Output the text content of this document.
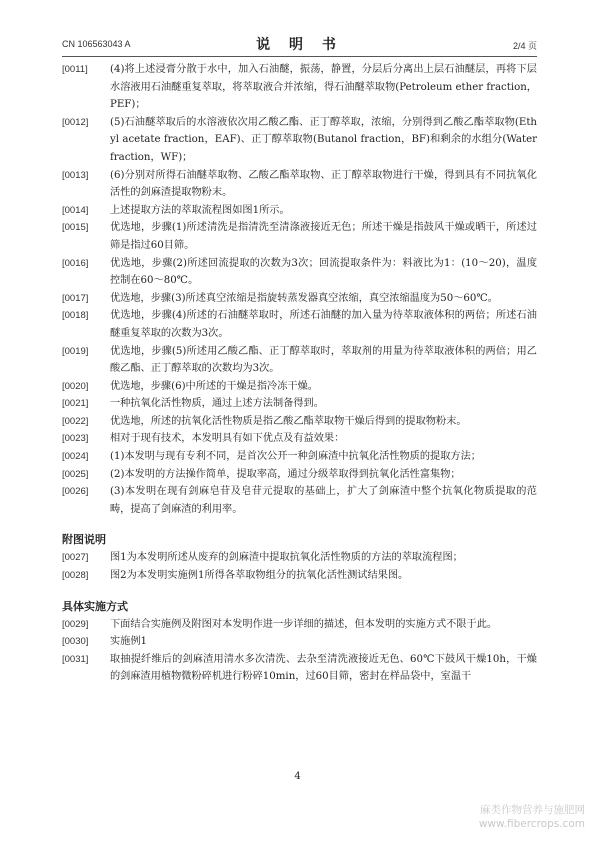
CN 106563043 A	说 明 书	2/4 页
[0011]	(4)将上述浸膏分散于水中，加入石油醚，振荡，静置，分层后分离出上层石油醚层，再将下层水溶液用石油醚重复萃取，将萃取液合并浓缩，得石油醚萃取物(Petroleum ether fraction，PEF)；
[0012]	(5)石油醚萃取后的水溶液依次用乙酸乙酯、正丁醇萃取，浓缩，分别得到乙酸乙酯萃取物(Ethyl acetate fraction，EAF)、正丁醇萃取物(Butanol fraction，BF)和剩余的水组分(Water fraction，WF)；
[0013]	(6)分别对所得石油醚萃取物、乙酸乙酯萃取物、正丁醇萃取物进行干燥，得到具有不同抗氧化活性的剑麻渣提取物粉末。
[0014]	上述提取方法的萃取流程图如图1所示。
[0015]	优选地，步骤(1)所述清洗是指清洗至清涤液接近无色；所述干燥是指鼓风干燥或晒干，所述过筛是指过60目筛。
[0016]	优选地，步骤(2)所述回流提取的次数为3次；回流提取条件为：料液比为1：(10～20)，温度控制在60～80℃。
[0017]	优选地，步骤(3)所述真空浓缩是指旋转蒸发器真空浓缩，真空浓缩温度为50～60℃。
[0018]	优选地，步骤(4)所述的石油醚萃取时，所述石油醚的加入量为待萃取液体积的两倍；所述石油醚重复萃取的次数为3次。
[0019]	优选地，步骤(5)所述用乙酸乙酯、正丁醇萃取时，萃取剂的用量为待萃取液体积的两倍；用乙酸乙酯、正丁醇萃取的次数均为3次。
[0020]	优选地，步骤(6)中所述的干燥是指冷冻干燥。
[0021]	一种抗氧化活性物质，通过上述方法制备得到。
[0022]	优选地，所述的抗氧化活性物质是指乙酸乙酯萃取物干燥后得到的提取物粉末。
[0023]	相对于现有技术，本发明具有如下优点及有益效果：
[0024]	(1)本发明与现有专利不同，是首次公开一种剑麻渣中抗氧化活性物质的提取方法；
[0025]	(2)本发明的方法操作简单，提取率高，通过分级萃取得到抗氧化活性富集物；
[0026]	(3)本发明在现有剑麻皂苷及皂苷元提取的基础上，扩大了剑麻渣中整个抗氧化物质提取的范畴，提高了剑麻渣的利用率。

附图说明

[0027]	图1为本发明所述从废弃的剑麻渣中提取抗氧化活性物质的方法的萃取流程图；
[0028]	图2为本发明实施例1所得各萃取物组分的抗氧化活性测试结果图。

具体实施方式

[0029]	下面结合实施例及附图对本发明作进一步详细的描述，但本发明的实施方式不限于此。
[0030]	实施例1
[0031]	取抽提纤维后的剑麻渣用清水多次清洗、去杂至清洗液接近无色、60℃下鼓风干燥10h，干燥的剑麻渣用植物微粉碎机进行粉碎10min，过60目筛，密封在样品袋中，室温干
4
麻类作物营养与施肥网
www.fibercrops.com
